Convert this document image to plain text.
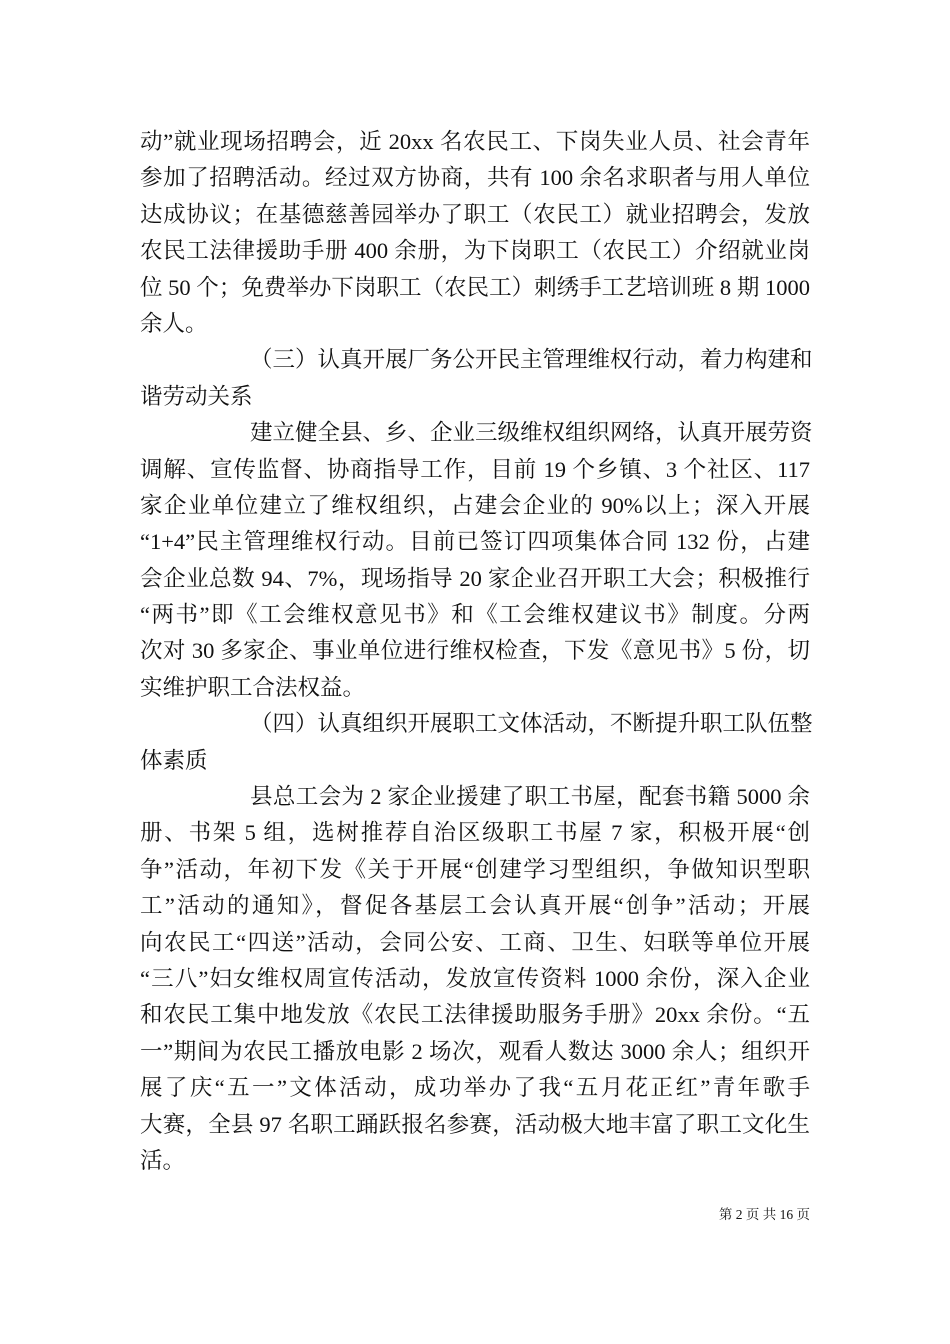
动”就业现场招聘会，近 20xx 名农民工、下岗失业人员、社会青年
参加了招聘活动。经过双方协商，共有 100 余名求职者与用人单位
达成协议；在基德慈善园举办了职工（农民工）就业招聘会，发放
农民工法律援助手册 400 余册，为下岗职工（农民工）介绍就业岗
位 50 个；免费举办下岗职工（农民工）刺绣手工艺培训班 8 期 1000
余人。
（三）认真开展厂务公开民主管理维权行动，着力构建和
谐劳动关系
建立健全县、乡、企业三级维权组织网络，认真开展劳资
调解、宣传监督、协商指导工作，目前 19 个乡镇、3 个社区、117
家企业单位建立了维权组织，占建会企业的 90%以上；深入开展
“1+4”民主管理维权行动。目前已签订四项集体合同 132 份，占建
会企业总数 94、7%，现场指导 20 家企业召开职工大会；积极推行
“两书”即《工会维权意见书》和《工会维权建议书》制度。分两
次对 30 多家企、事业单位进行维权检查，下发《意见书》5 份，切
实维护职工合法权益。
（四）认真组织开展职工文体活动，不断提升职工队伍整
体素质
县总工会为 2 家企业援建了职工书屋，配套书籍 5000 余
册、书架 5 组，选树推荐自治区级职工书屋 7 家，积极开展“创
争”活动，年初下发《关于开展“创建学习型组织，争做知识型职
工”活动的通知》，督促各基层工会认真开展“创争”活动；开展
向农民工“四送”活动，会同公安、工商、卫生、妇联等单位开展
“三八”妇女维权周宣传活动，发放宣传资料 1000 余份，深入企业
和农民工集中地发放《农民工法律援助服务手册》20xx 余份。“五
一”期间为农民工播放电影 2 场次，观看人数达 3000 余人；组织开
展了庆“五一”文体活动，成功举办了我“五月花正红”青年歌手
大赛，全县 97 名职工踊跃报名参赛，活动极大地丰富了职工文化生
活。
第 2 页 共 16 页
